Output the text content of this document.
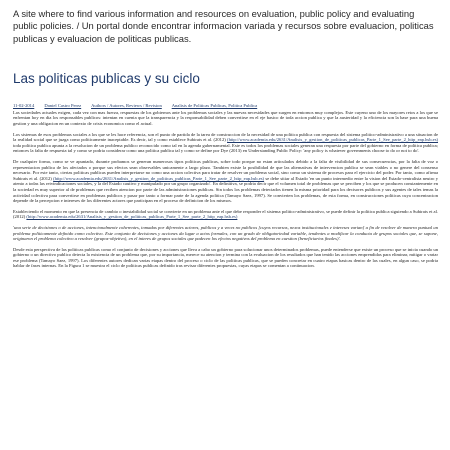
A site where to find various information and resources on evaluation, public policy and evaluating public policies. / Un portal donde encontrar informacion variada y recursos sobre evaluacion, politicas publicas y evaluacion de politicas publicas.

Las politicas publicas y su ciclo
11-02-2014 Daniel Castro Perez Authors / Autores, Reviews / Revision Analisis de Politicas Publicas, Politica Publica

Las sociedades actuales exigen, cada vez con mas fuerza, respuestas de los gobiernos ante los problemas sociales y las nuevas necesidades que surgen en entornos muy complejos. Este cuyeno uno de los mayores retos a los que se enfrentan hoy en dia los responsables publicos: intentan en cuenta que la transparencia y la responsabilidad deben convertirse en el eje basico de toda accion publica y que la austeridad y la eficiencia son la base para una buena gestion y una obligacion en un contexto de crisis economica como el actual.

Los sistemas de esos problemas sociales a los que se les hace referencia, son el punto de partida de la tarea de construccion de la necesidad de una politica publica con respuesta del sistema politico-administrativo a una situacion de la realidad social que se juzga como politicamente inaceptable. Es decir, tal y como establece Subirats et al. (2012) (http://www.academia.edu/2631/Analisis_y_gestion_de_politicas_publicas_Parte_1_See_parte_2_http_eap.hsb.es) toda politica publica apunta a la resolucion de un problema publico reconocido como tal en la agenda gubernamental. Este es todos los problemas sociales generan una respuesta por parte del gobierno en forma de politica publica; entonces la falta de respuesta tal y como se podria considerar como una politica publica tal y como se define por Dye (2013) en Understanding Public Policy: 'any policy is whatever governments choose to do or not to do'.

De cualquier forma, como se ve apuntado, durante probamos se generan numerosos tipos politicas publicas, sobre todo porque no estan articulados debido a la falta de visibilidad de sus consecuencias, por la falta de voz o representacion publica de los afectados o porque sus efectos sean observables unicamente a largo plazo. Tambien existe la posibilidad de que las alternativas de intervencion publica se sean viables o no genere del consenso necesario. Por este tanto, ciertas politicas publicas pueden interpretarse no como una accion colectiva para tratar de resolver un problema social, sino como un sistema de procesos para el ejercicio del poder. Por tanto, como afirma Subirats et al. (2012) (http://www.academia.edu/2631/Analisis_y_gestion_de_politicas_publicas_Parte_1_See_parte_2_http_eap.hsb.es) se debe sitiar al Estado 'en un punto intermedio entre la vision del Estado-centralista neutro y atento a todas las reivindicaciones sociales, y la del Estado cautivo y manipulado por un grupo organizado'. En definitiva, se podria decir que el volumen total de problemas que se perciben y los que se producen constantemente en la sociedad es muy superior al de problemas que reciben atencion por parte de las administraciones publicas. Sin todos los problemas detectados tienen la misma prioridad para los decisores publicos y sus agentes de tales temas la actividad colectiva para convertirse en problemas publicos y pasar por tanto a formar parte de la agenda politica (Tamayo Saez, 1997). Se convierten los problemas, de esta forma, en construcciones politicas cuya concentracion depende de la percepcion e intereses de los diferentes actores que participan en el proceso de definicion de los mismos.

Estableciendo el momento en que la presencia de cambio o inestabilidad social se convierte en un problema ante el que debe responder el sistema politico-administrativo, se puede definir la politica publica siguiendo a Subirats et al. (2012) (http://www.academia.edu/2631/Analisis_y_gestion_de_politicas_publicas_Parte_1_See_parte_2_http_eap.hsb.es)

'una serie de decisiones o de acciones, intencionalmente coherentes, tomadas por diferentes actores, publicos y a veces no publicos [cuyos recursos, nexos institucionales e intereses varian] a fin de resolver de manera puntual un problema politicamente definido como colectivo. Este conjunto de decisiones y acciones da lugar a actos formales, con un grado de obligatoriedad variable, tendentes a modificar la conducta de grupos sociales que, se supone, originaron el problema colectivo a resolver (grupos-objetivo), en el interes de grupos sociales que padecen los efectos negativos del problema en cuestion (beneficiarios finales)'.

Desde esta perspectiva de las politicas publicas como el conjunto de decisiones y acciones que lleva a cabo un gobierno para solucionar unos determinados problemas, puede entenderse que existe un proceso que se inicia cuando un gobierno o un directivo publico detecta la existencia de un problema que, por su importancia, merece su atencion y termina con la evaluacion de los resultados que han tenido las acciones emprendidas para eliminar, mitigar o variar ese problema (Tamayo Saez, 1997). Los diferentes autores dedican varias etapas dentro del proceso o ciclo de las politicas publicas, que se pueden concretar en cuatro etapas basicas dentro de las cuales, en algun caso, se podria hablar de fases internas. En la Figura 1 se muestra el ciclo de politicas publicas definido tras revisar diferentes propuestas, cuyas etapas se comentan a continuacion.
